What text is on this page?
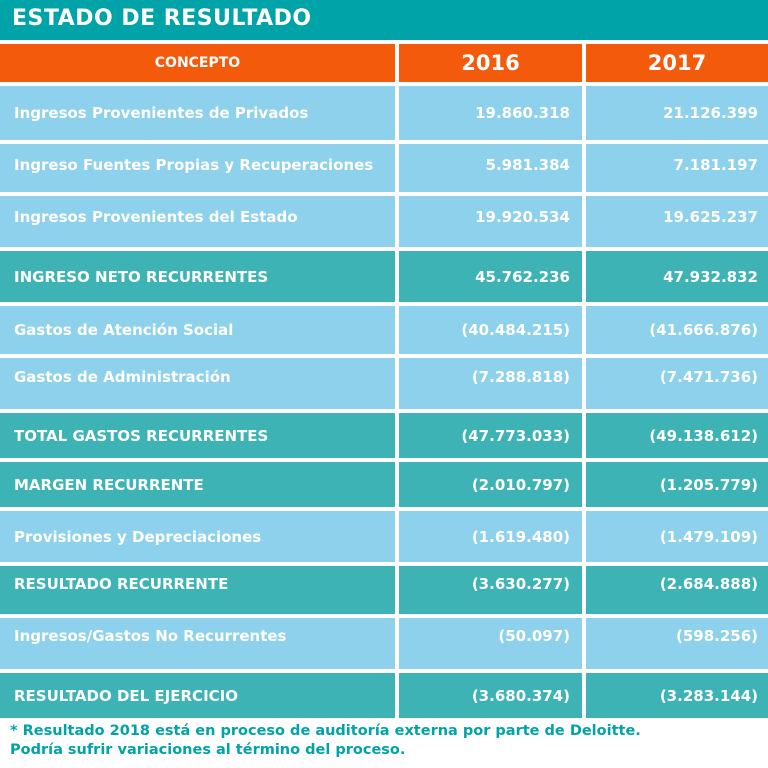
ESTADO DE RESULTADO
CONCEPTO	2016	2017
Ingresos Provenientes de Privados	19.860.318	21.126.399
Ingreso Fuentes Propias y Recuperaciones	5.981.384	7.181.197
Ingresos Provenientes del Estado	19.920.534	19.625.237
INGRESO NETO RECURRENTES	45.762.236	47.932.832
Gastos de Atención Social	(40.484.215)	(41.666.876)
Gastos de Administración	(7.288.818)	(7.471.736)
TOTAL GASTOS RECURRENTES	(47.773.033)	(49.138.612)
MARGEN RECURRENTE	(2.010.797)	(1.205.779)
Provisiones y Depreciaciones	(1.619.480)	(1.479.109)
RESULTADO RECURRENTE	(3.630.277)	(2.684.888)
Ingresos/Gastos No Recurrentes	(50.097)	(598.256)
RESULTADO DEL EJERCICIO	(3.680.374)	(3.283.144)
* Resultado 2018 está en proceso de auditoría externa por parte de Deloitte.
Podría sufrir variaciones al término del proceso.
